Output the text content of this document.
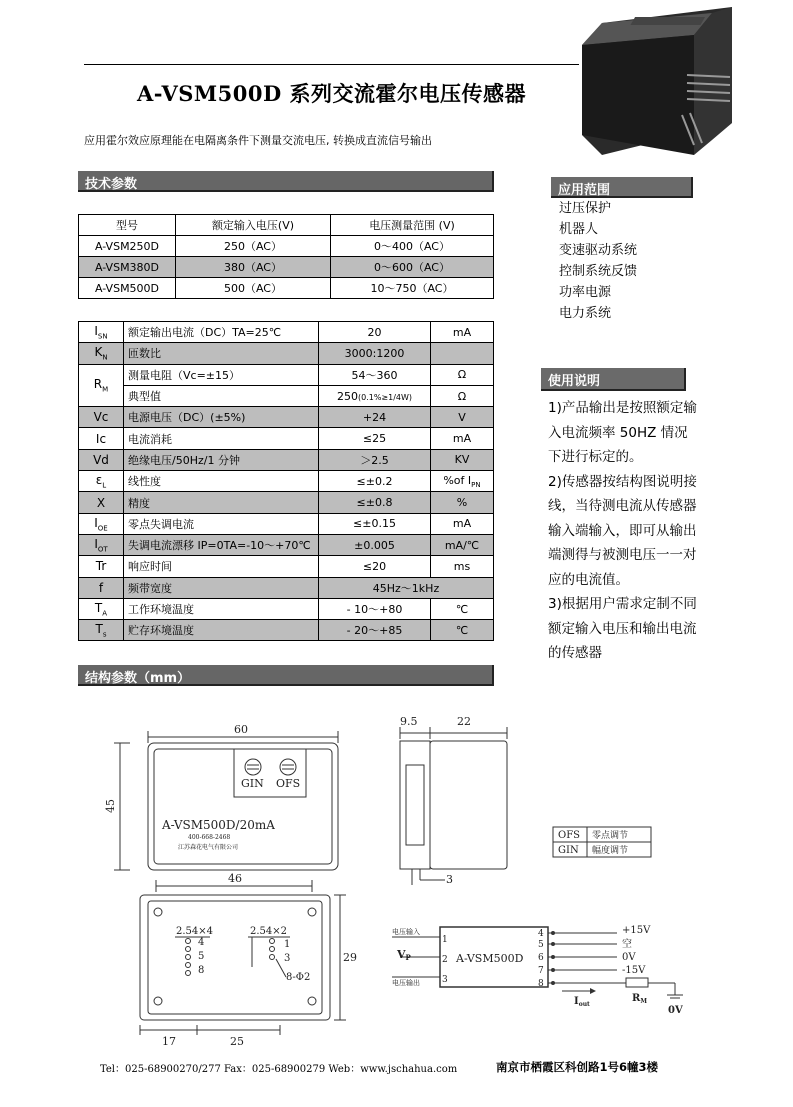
A-VSM500D 系列交流霍尔电压传感器
应用霍尔效应原理能在电隔离条件下测量交流电压, 转换成直流信号输出
技术参数
型号	额定输入电压(V)	电压测量范围 (V)
A-VSM250D	250（AC）	0～400（AC）
A-VSM380D	380（AC）	0～600（AC）
A-VSM500D	500（AC）	10～750（AC）
$I_{SN}$	额定输出电流（DC）TA=25℃	20	mA
$K_N$	匝数比	3000:1200	
$R_M$	测量电阻（Vc=±15）	54～360	Ω
	典型值	250(0.1%≥1/4W)	Ω
Vc	电源电压（DC）(±5%)	+24	V
Ic	电流消耗	≤25	mA
Vd	绝缘电压/50Hz/1 分钟	＞2.5	KV
$\varepsilon_L$	线性度	≤±0.2	%of $I_{PN}$
X	精度	≤±0.8	%
$I_{OE}$	零点失调电流	≤±0.15	mA
$I_{OT}$	失调电流漂移 IP=0TA=-10～+70℃	±0.005	mA/℃
Tr	响应时间	≤20	ms
f	频带宽度	45Hz～1kHz	
$T_A$	工作环境温度	- 10～+80	℃
$T_s$	贮存环境温度	- 20～+85	℃
应用范围
过压保护
机器人
变速驱动系统
控制系统反馈
功率电源
电力系统
使用说明
1)产品输出是按照额定输入电流频率 50HZ 情况下进行标定的。
2)传感器按结构图说明接线，当待测电流从传感器输入端输入，即可从输出端测得与被测电压一一对应的电流值。
3)根据用户需求定制不同额定输入电压和输出电流的传感器
结构参数（mm）
60
45
9.5	22
3
46
29
17	25
GIN OFS
A-VSM500D/20mA
400-668-2468
江苏森花电气有限公司
2.54×4	2.54×2
4
5
8
1
3
8-Φ2
OFS 零点调节
GIN 幅度调节
电压输入
电压输出
VP	A-VSM500D
1
2
3
4
5
6
7
8
+15V
空
0V
-15V
$I_{out}$
$R_M$
0V
Tel：025-68900270/277 Fax：025-68900279 Web：www.jschahua.com	南京市栖霞区科创路1号6幢3楼
